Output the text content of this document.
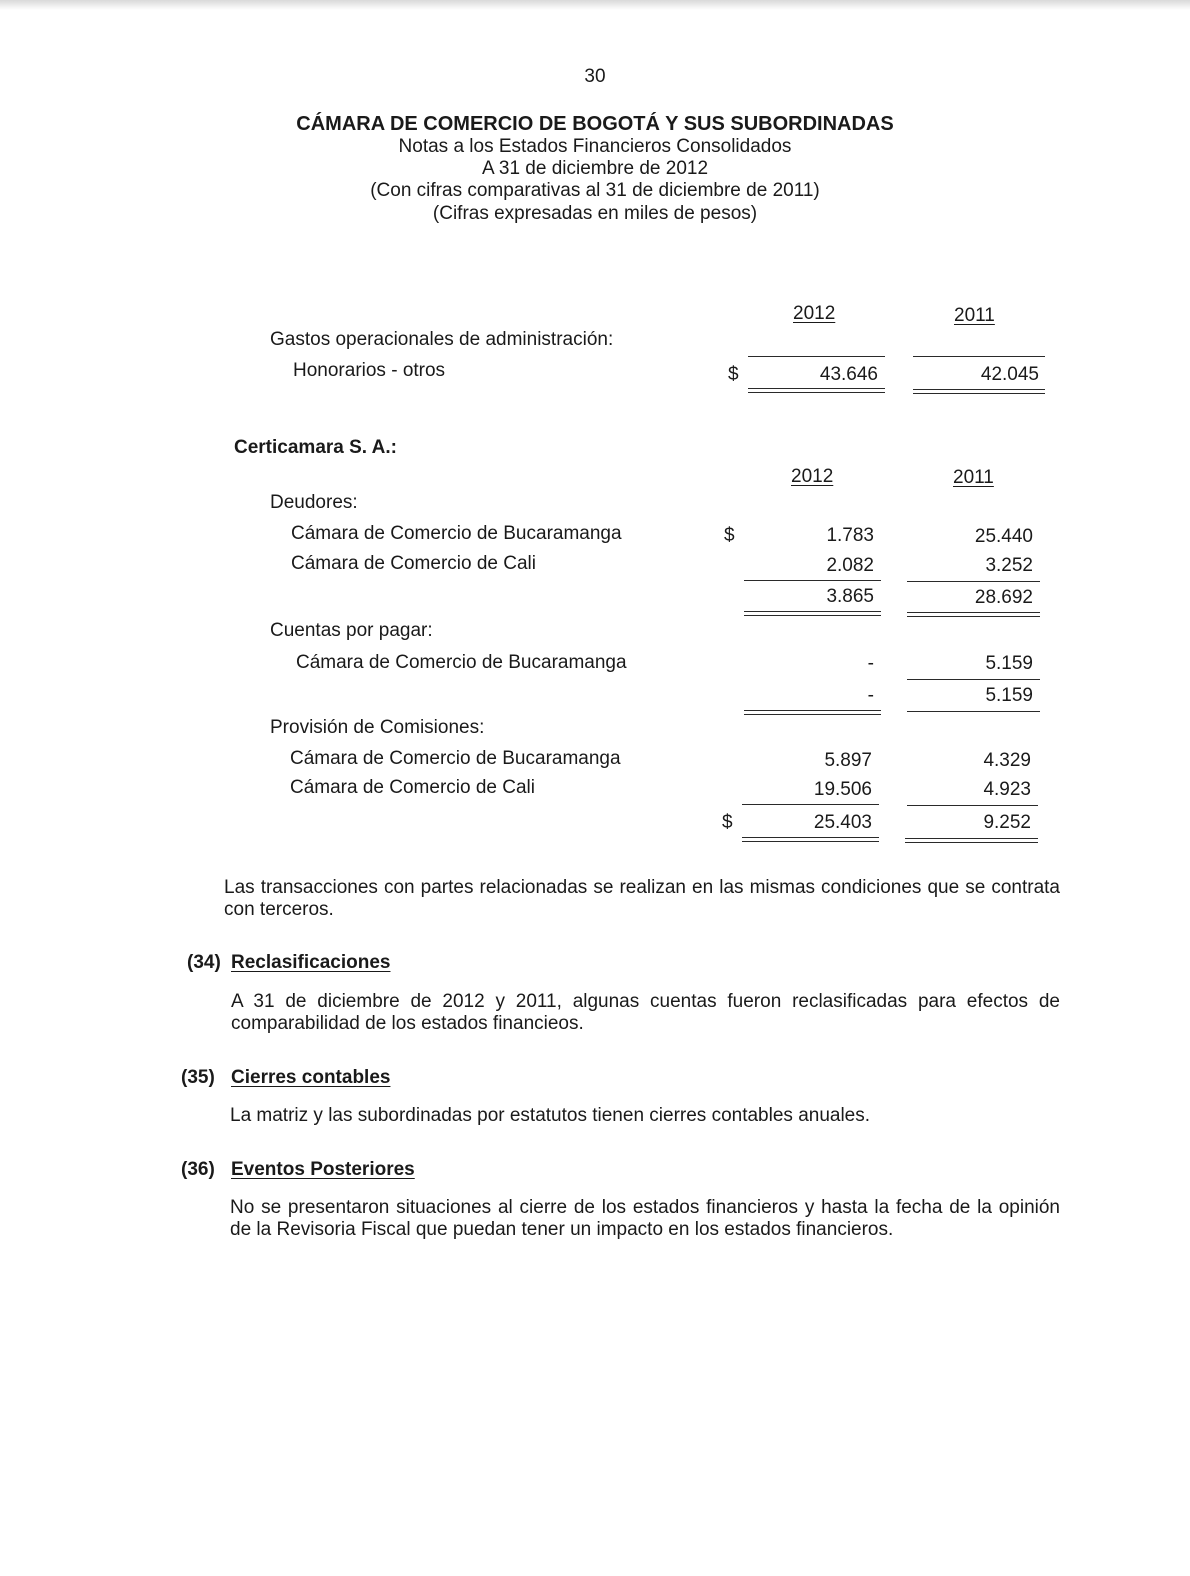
30
CÁMARA DE COMERCIO DE BOGOTÁ Y SUS SUBORDINADAS
Notas a los Estados Financieros Consolidados
A 31 de diciembre de 2012
(Con cifras comparativas al 31 de diciembre de 2011)
(Cifras expresadas en miles de pesos)
2012	2011
Gastos operacionales de administración:
Honorarios - otros	$	43.646	42.045
Certicamara S. A.:
2012	2011
Deudores:
Cámara de Comercio de Bucaramanga	$	1.783	25.440
Cámara de Comercio de Cali	2.082	3.252
3.865	28.692
Cuentas por pagar:
Cámara de Comercio de Bucaramanga	-	5.159
-	5.159
Provisión de Comisiones:
Cámara de Comercio de Bucaramanga	5.897	4.329
Cámara de Comercio de Cali	19.506	4.923
$	25.403	9.252
Las transacciones con partes relacionadas se realizan en las mismas condiciones que se contrata con terceros.
(34) Reclasificaciones
A 31 de diciembre de 2012 y 2011, algunas cuentas fueron reclasificadas para efectos de comparabilidad de los estados financieos.
(35) Cierres contables
La matriz y las subordinadas por estatutos tienen cierres contables anuales.
(36) Eventos Posteriores
No se presentaron situaciones al cierre de los estados financieros y hasta la fecha de la opinión de la Revisoria Fiscal que puedan tener un impacto en los estados financieros.
